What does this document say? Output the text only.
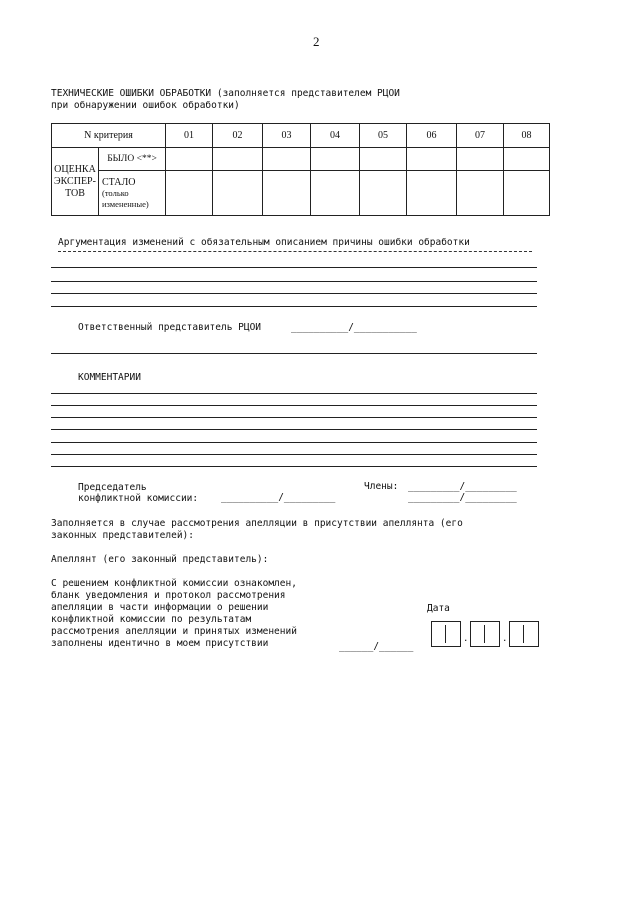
2
ТЕХНИЧЕСКИЕ ОШИБКИ ОБРАБОТКИ (заполняется представителем РЦОИ
при обнаружении ошибок обработки)
N критерия		01	02	03	04	05	06	07	08

ОЦЕНКА
ЭКСПЕР-
ТОВ	БЫЛО <**>								

	СТАЛО
(только
измененные)								

Аргументация изменений с обязательным описанием причины ошибки обработки
Ответственный представитель РЦОИ	__________/___________
КОММЕНТАРИИ
Председатель
конфликтной комиссии: __________/_________
Члены: _________/_________
_________/_________
Заполняется в случае рассмотрения апелляции в присутствии апеллянта (его
законных представителей):
Апеллянт (его законный представитель):
С решением конфликтной комиссии ознакомлен,
бланк уведомления и протокол рассмотрения
апелляции в части информации о решении
конфликтной комиссии по результатам
рассмотрения апелляции и принятых изменений
заполнены идентично в моем присутствии	______/______
Дата
.	.
